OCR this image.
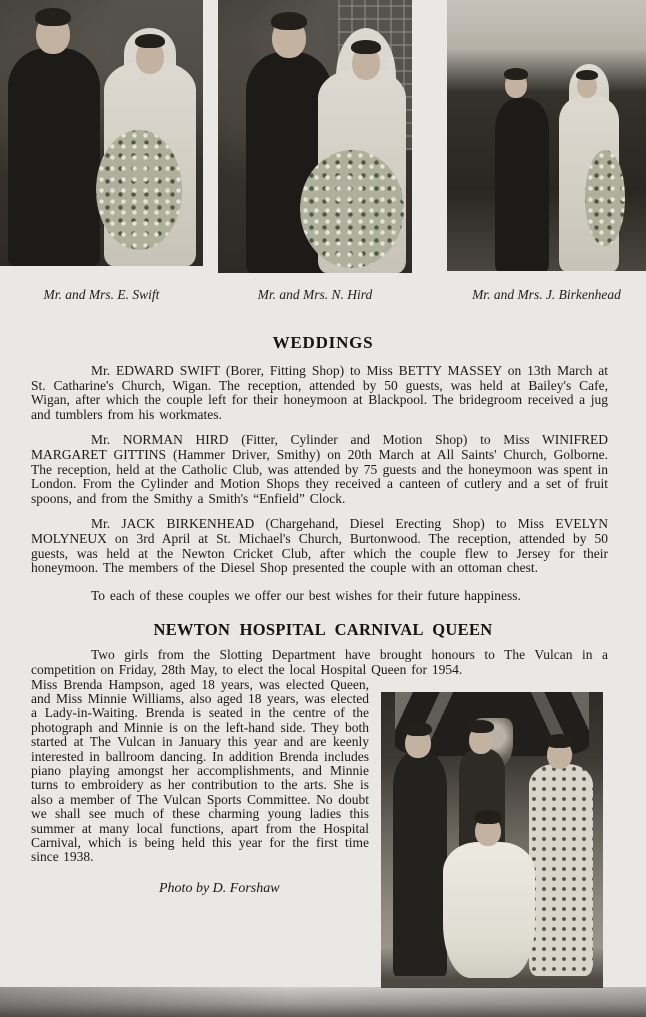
Mr. and Mrs. E. Swift	Mr. and Mrs. N. Hird	Mr. and Mrs. J. Birkenhead
WEDDINGS

Mr. EDWARD SWIFT (Borer, Fitting Shop) to Miss BETTY MASSEY on 13th March at St. Catharine's Church, Wigan. The reception, attended by 50 guests, was held at Bailey's Cafe, Wigan, after which the couple left for their honeymoon at Blackpool. The bridegroom received a jug and tumblers from his workmates.

Mr. NORMAN HIRD (Fitter, Cylinder and Motion Shop) to Miss WINIFRED MARGARET GITTINS (Hammer Driver, Smithy) on 20th March at All Saints' Church, Golborne. The reception, held at the Catholic Club, was attended by 75 guests and the honeymoon was spent in London. From the Cylinder and Motion Shops they received a canteen of cutlery and a set of fruit spoons, and from the Smithy a Smith's “Enfield” Clock.

Mr. JACK BIRKENHEAD (Chargehand, Diesel Erecting Shop) to Miss EVELYN MOLYNEUX on 3rd April at St. Michael's Church, Burtonwood. The reception, attended by 50 guests, was held at the Newton Cricket Club, after which the couple flew to Jersey for their honeymoon. The members of the Diesel Shop presented the couple with an ottoman chest.

To each of these couples we offer our best wishes for their future happiness.

NEWTON HOSPITAL CARNIVAL QUEEN

Two girls from the Slotting Department have brought honours to The Vulcan in a competition on Friday, 28th May, to elect the local Hospital Queen for 1954.

Miss Brenda Hampson, aged 18 years, was elected Queen, and Miss Minnie Williams, also aged 18 years, was elected a Lady-in-Waiting. Brenda is seated in the centre of the photograph and Minnie is on the left-hand side. They both started at The Vulcan in January this year and are keenly interested in ballroom dancing. In addition Brenda includes piano playing amongst her accomplishments, and Minnie turns to embroidery as her contribution to the arts. She is also a member of The Vulcan Sports Committee. No doubt we shall see much of these charming young ladies this summer at many local functions, apart from the Hospital Carnival, which is being held this year for the first time since 1938.

Photo by D. Forshaw
